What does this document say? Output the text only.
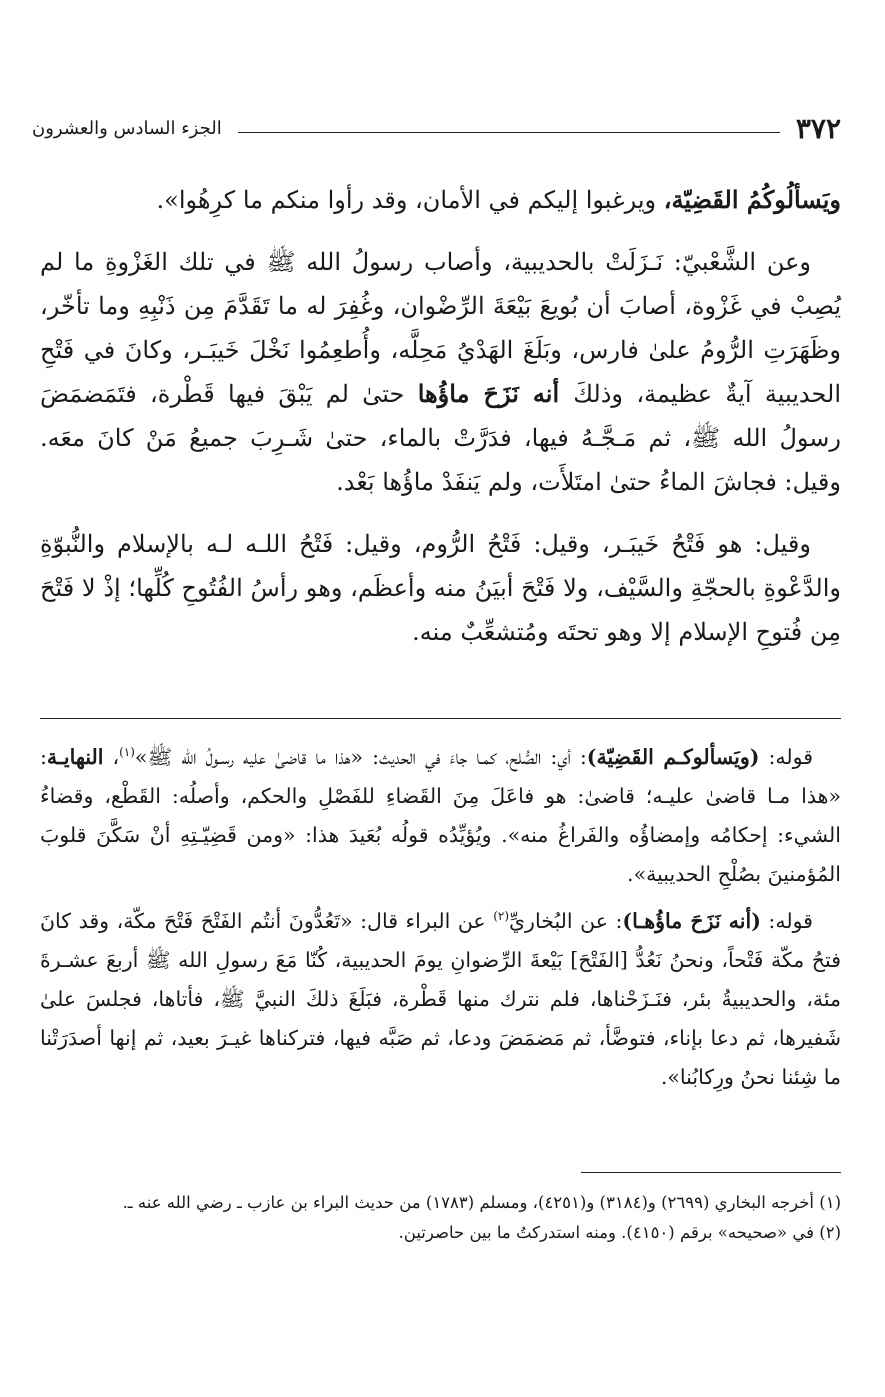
٣٧٢
الجزء السادس والعشرون

ويَسألُوكُمُ القَضِيّة، ويرغبوا إليكم في الأمان، وقد رأوا منكم ما كرِهُوا».

وعن الشَّعْبيّ: نَـزَلَتْ بالحديبية، وأصاب رسولُ الله ﷺ في تلك الغَزْوةِ ما لم يُصِبْ في غَزْوة، أصابَ أن بُويعَ بَيْعَةَ الرِّضْوان، وغُفِرَ له ما تَقَدَّمَ مِن ذَنْبِهِ وما تأخّر، وظَهَرَتِ الرُّومُ علىٰ فارس، وبَلَغَ الهَدْيُ مَحِلَّه، وأُطعِمُوا نَخْلَ خَيبَـر، وكانَ في فَتْحِ الحديبية آيةٌ عظيمة، وذلكَ أنه نَزَحَ ماؤُها حتىٰ لم يَبْقَ فيها قَطْرة، فتَمَضمَضَ رسولُ الله ﷺ، ثم مَـجَّـهُ فيها، فدَرَّتْ بالماء، حتىٰ شَـرِبَ جميعُ مَنْ كانَ معَه. وقيل: فجاشَ الماءُ حتىٰ امتَلأَت، ولم يَنفَدْ ماؤُها بَعْد.

وقيل: هو فَتْحُ خَيبَـر، وقيل: فَتْحُ الرُّوم، وقيل: فَتْحُ اللـه لـه بالإسلام والنُّبوّةِ والدَّعْوةِ بالحجّةِ والسَّيْف، ولا فَتْحَ أبيَنُ منه وأعظَم، وهو رأسُ الفُتُوحِ كُلِّها؛ إذْ لا فَتْحَ مِن فُتوحِ الإسلام إلا وهو تحتَه ومُتشعِّبٌ منه.

قوله: (ويَسألوكـم القَضِيّة): أي: الصُّلح، كمـا جاءَ في الحديث: «هذا ما قاضىٰ عليه رسـولُ الله ﷺ»$^{(١)}$، النهايـة: «هذا مـا قاضىٰ عليـه؛ قاضىٰ: هو فاعَلَ مِنَ القَضاءِ للفَصْلِ والحكم، وأصلُه: القَطْع، وقضاءُ الشيء: إحكامُه وإمضاؤُه والفَراغُ منه». ويُؤيِّدُه قولُه بُعَيدَ هذا: «ومن قَضِيّـتِهِ أنْ سَكَّنَ قلوبَ المُؤمنينَ بصُلْحِ الحديبية».

قوله: (أنه نَزَحَ ماؤُهـا): عن البُخاريِّ$^{(٢)}$ عن البراء قال: «تَعُدُّونَ أنتُم الفَتْحَ فَتْحَ مكّة، وقد كانَ فتحُ مكّة فَتْحاً، ونحنُ نَعُدُّ [الفَتْحَ] بَيْعةَ الرِّضوانِ يومَ الحديبية، كُنّا مَعَ رسولِ الله ﷺ أربعَ عشـرةَ مئة، والحديبيةُ بئر، فنَـزَحْناها، فلم نترك منها قَطْرة، فبَلَغَ ذلكَ النبيَّ ﷺ، فأتاها، فجلسَ علىٰ شَفيرها، ثم دعا بإناء، فتوضَّأ، ثم مَضمَضَ ودعا، ثم صَبَّه فيها، فتركناها غيـرَ بعيد، ثم إنها أصدَرَتْنا ما شِئنا نحنُ ورِكابُنا».

(١) أخرجه البخاري (٢٦٩٩) و(٣١٨٤) و(٤٢٥١)، ومسلم (١٧٨٣) من حديث البراء بن عازب ـ رضي الله عنه ـ.

(٢) في «صحيحه» برقم (٤١٥٠). ومنه استدركتُ ما بين حاصرتين.
